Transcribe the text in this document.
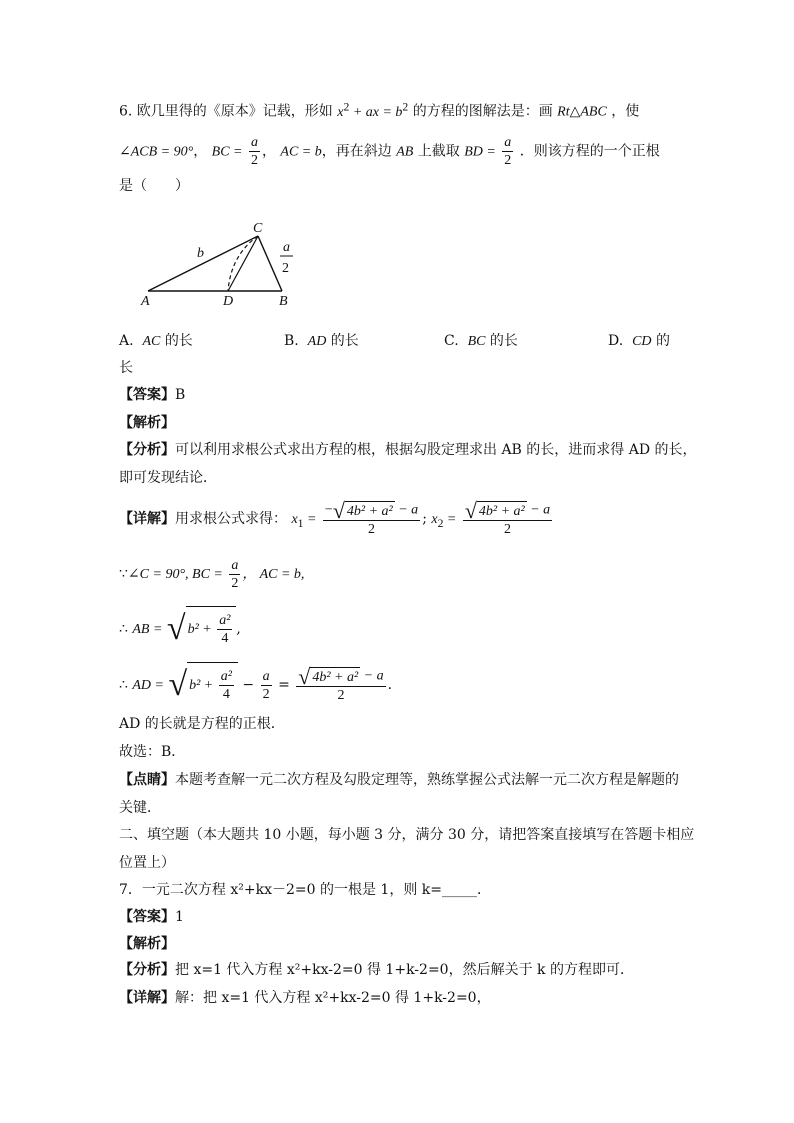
6. 欧几里得的《原本》记载，形如 $x^2$ + ax = $b^2$ 的方程的图解法是：画 Rt△ABC ，使
∠ACB = 90°， BC = $\frac{a}{2}$ ， AC = b，再在斜边 AB 上截取 BD = $\frac{a}{2}$ ．则该方程的一个正根
是（　　）
C
b
A	D	B
a
2
A. AC 的长	B. AD 的长	C. BC 的长	D. CD 的
长
【答案】B
【解析】
【分析】可以利用求根公式求出方程的根，根据勾股定理求出 AB 的长，进而求得 AD 的长，
即可发现结论．
【详解】用求根公式求得： $x_1 = \frac{\text{−√ 4b² + a² − a}}{2}$ ; $x_2 = \frac{\text{√ 4b² + a² − a}}{2}$
∵∠C = 90°, BC = $\frac{a}{2}$ ， AC = b,
∴ AB = √ $b^2 + \frac{\text{a²}}{4}$ ,
∴ AD = √ $b^2 + \frac{\text{a²}}{4} - \frac{a}{2} = \frac{\text{√ 4b² + a² − a}}{2}$ .
AD 的长就是方程的正根．
故选：B．
【点睛】本题考查解一元二次方程及勾股定理等，熟练掌握公式法解一元二次方程是解题的
关键．
二、填空题（本大题共 10 小题，每小题 3 分，满分 30 分，请把答案直接填写在答题卡相应
位置上）
7．一元二次方程 x²+kx－2=0 的一根是 1，则 k=_____．
【答案】1
【解析】
【分析】把 x=1 代入方程 x²+kx-2=0 得 1+k-2=0，然后解关于 k 的方程即可．
【详解】解：把 x=1 代入方程 x²+kx-2=0 得 1+k-2=0，
